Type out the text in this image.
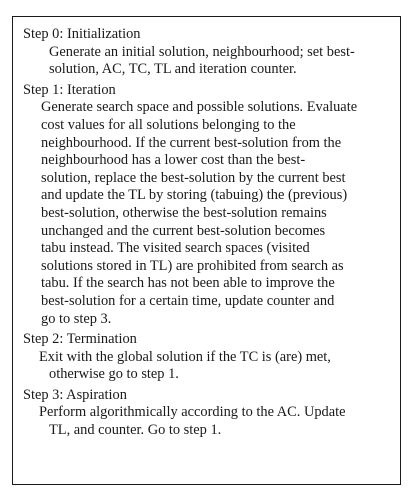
Step 0: Initialization

Generate an initial solution, neighbourhood; set best-
solution, AC, TC, TL and iteration counter.

Step 1: Iteration

Generate search space and possible solutions. Evaluate
cost values for all solutions belonging to the
neighbourhood. If the current best-solution from the
neighbourhood has a lower cost than the best-
solution, replace the best-solution by the current best
and update the TL by storing (tabuing) the (previous)
best-solution, otherwise the best-solution remains
unchanged and the current best-solution becomes
tabu instead. The visited search spaces (visited
solutions stored in TL) are prohibited from search as
tabu. If the search has not been able to improve the
best-solution for a certain time, update counter and
go to step 3.

Step 2: Termination

Exit with the global solution if the TC is (are) met,
otherwise go to step 1.

Step 3: Aspiration

Perform algorithmically according to the AC. Update
TL, and counter. Go to step 1.
